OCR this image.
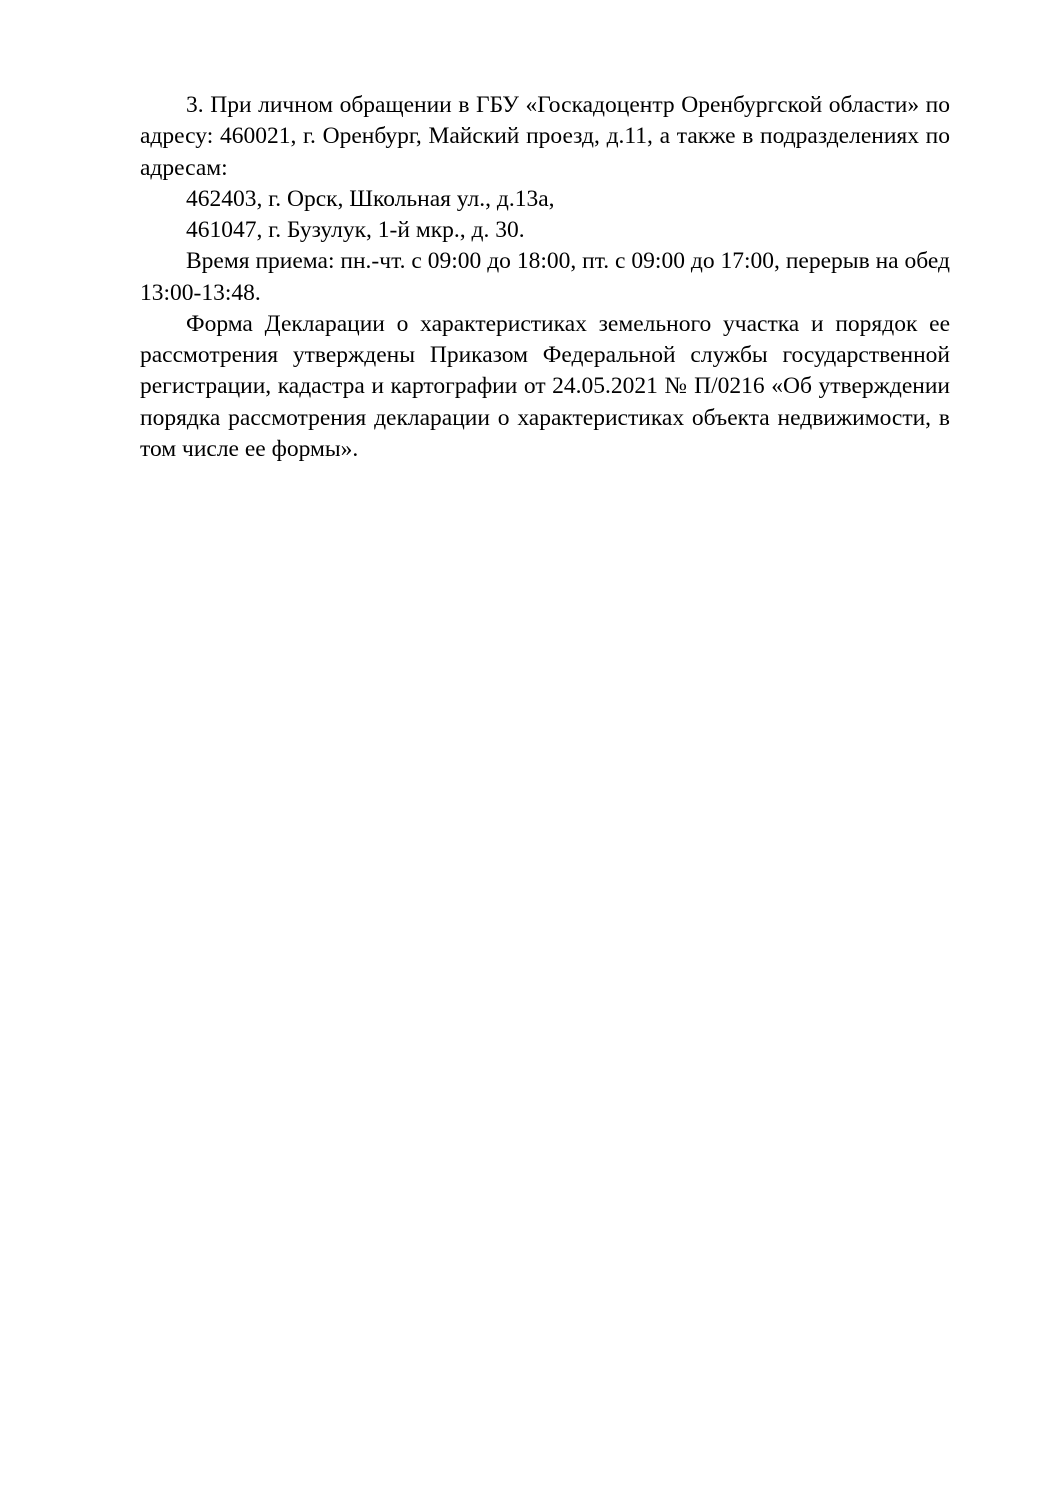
3. При личном обращении в ГБУ «Госкадоцентр Оренбургской области» по адресу: 460021, г. Оренбург, Майский проезд, д.11, а также в подразделениях по адресам:

462403, г. Орск, Школьная ул., д.13а,

461047, г. Бузулук, 1-й мкр., д. 30.

Время приема: пн.-чт. с 09:00 до 18:00, пт. с 09:00 до 17:00, перерыв на обед 13:00-13:48.

Форма Декларации о характеристиках земельного участка и порядок ее рассмотрения утверждены Приказом Федеральной службы государственной регистрации, кадастра и картографии от 24.05.2021 № П/0216 «Об утверждении порядка рассмотрения декларации о характеристиках объекта недвижимости, в том числе ее формы».
